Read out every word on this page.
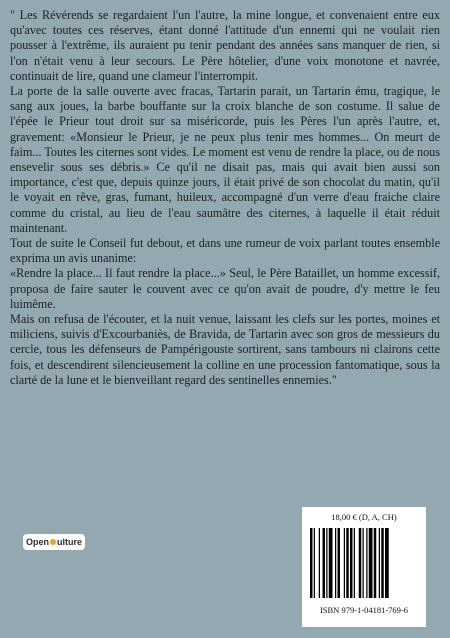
" Les Révérends se regardaient l'un l'autre, la mine longue, et convenaient entre eux qu'avec toutes ces réserves, étant donné l'attitude d'un ennemi qui ne voulait rien pousser à l'extrême, ils auraient pu tenir pendant des années sans manquer de rien, si l'on n'était venu à leur secours. Le Père hôtelier, d'une voix monotone et navrée, continuait de lire, quand une clameur l'interrompit.

La porte de la salle ouverte avec fracas, Tartarin parait, un Tartarin ému, tragique, le sang aux joues, la barbe bouffante sur la croix blanche de son costume. Il salue de l'épée le Prieur tout droit sur sa miséricorde, puis les Pères l'un après l'autre, et, gravement: «Monsieur le Prieur, je ne peux plus tenir mes hommes... On meurt de faim... Toutes les citernes sont vides. Le moment est venu de rendre la place, ou de nous ensevelir sous ses débris.» Ce qu'il ne disait pas, mais qui avait bien aussi son importance, c'est que, depuis quinze jours, il était privé de son chocolat du matin, qu'il le voyait en rêve, gras, fumant, huileux, accompagné d'un verre d'eau fraiche claire comme du cristal, au lieu de l'eau saumâtre des citernes, à laquelle il était réduit maintenant.

Tout de suite le Conseil fut debout, et dans une rumeur de voix parlant toutes ensemble exprima un avis unanime:

«Rendre la place... Il faut rendre la place...» Seul, le Père Bataillet, un homme excessif, proposa de faire sauter le couvent avec ce qu'on avait de poudre, d'y mettre le feu luimême.

Mais on refusa de l'écouter, et la nuit venue, laissant les clefs sur les portes, moines et miliciens, suivis d'Excourbaniès, de Bravida, de Tartarin avec son gros de messieurs du cercle, tous les défenseurs de Pampérigouste sortirent, sans tambours ni clairons cette fois, et descendirent silencieusement la colline en une procession fantomatique, sous la clarté de la lune et le bienveillant regard des sentinelles ennemies."

Open ulture
18,00 € (D, A, CH)
ISBN 979-1-04181-769-6
